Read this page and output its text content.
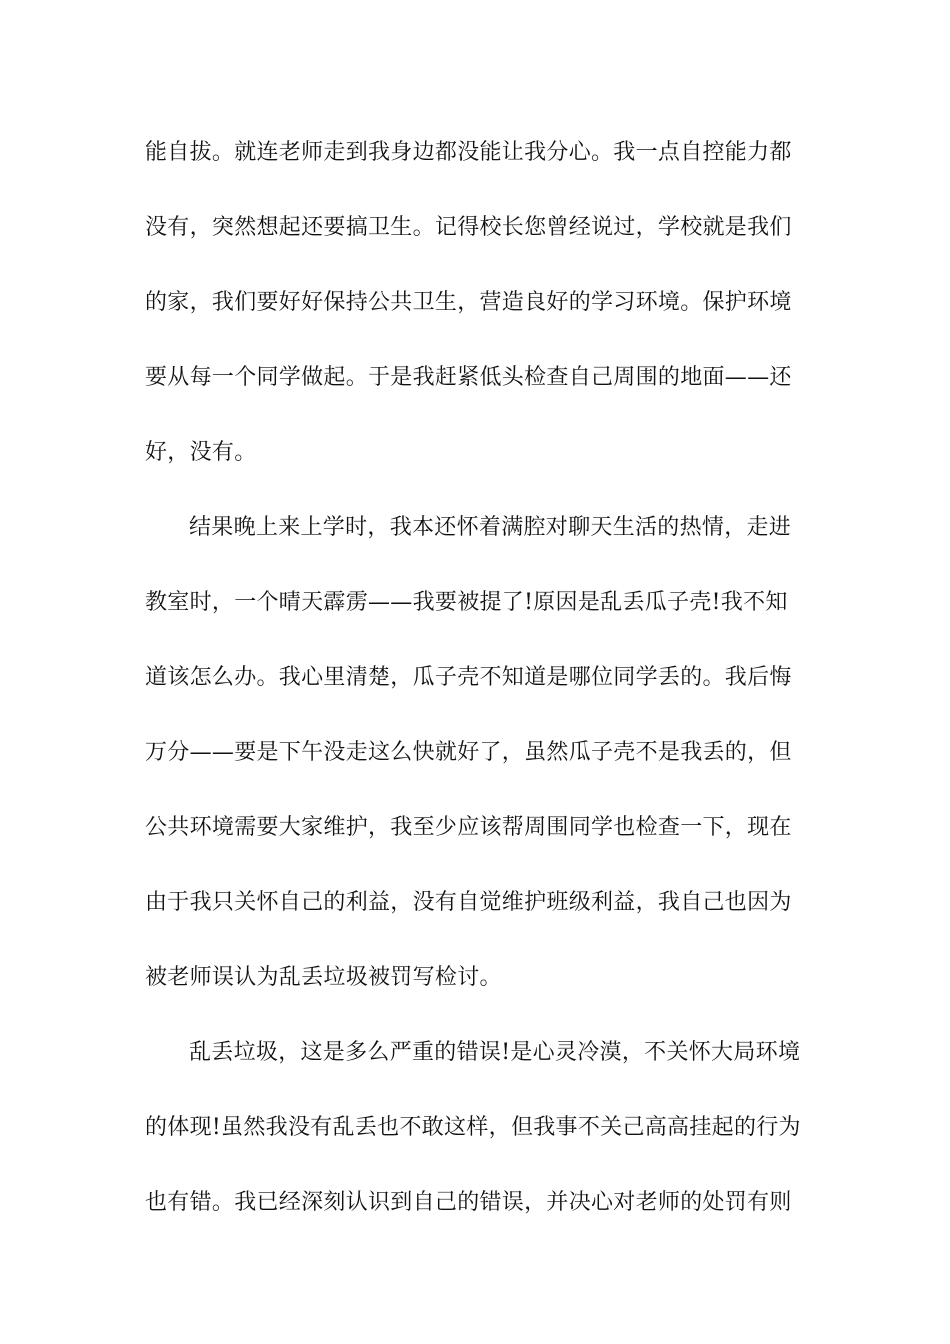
能自拔。就连老师走到我身边都没能让我分心。我一点自控能力都
没有，突然想起还要搞卫生。记得校长您曾经说过，学校就是我们
的家，我们要好好保持公共卫生，营造良好的学习环境。保护环境
要从每一个同学做起。于是我赶紧低头检查自己周围的地面——还
好，没有。
结果晚上来上学时，我本还怀着满腔对聊天生活的热情，走进
教室时，一个晴天霹雳——我要被提了!原因是乱丢瓜子壳!我不知
道该怎么办。我心里清楚，瓜子壳不知道是哪位同学丢的。我后悔
万分——要是下午没走这么快就好了，虽然瓜子壳不是我丢的，但
公共环境需要大家维护，我至少应该帮周围同学也检查一下，现在
由于我只关怀自己的利益，没有自觉维护班级利益，我自己也因为
被老师误认为乱丢垃圾被罚写检讨。
乱丢垃圾，这是多么严重的错误!是心灵冷漠，不关怀大局环境
的体现!虽然我没有乱丢也不敢这样，但我事不关己高高挂起的行为
也有错。我已经深刻认识到自己的错误，并决心对老师的处罚有则
